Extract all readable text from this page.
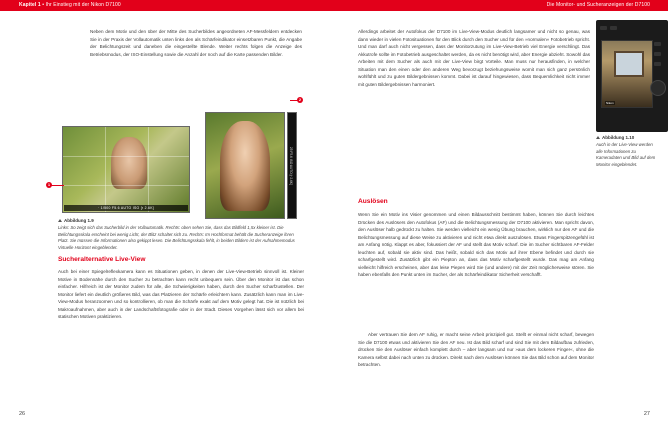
Kapitel 1 • Ihr Einstieg mit der Nikon D7100

Neben dem Motiv und den über der Mitte des Sucherbildes angeordneten AF-Messfeldern entdecken Sie in der Praxis der Vollautomatik unten links den als Schärfeindikator einsetzbaren Punkt, die Angabe der Belichtungszeit und daneben die eingestellte Blende. Weiter rechts folgen die Anzeige des Betriebsmodus, der ISO-Einstellung sowie die Anzahl der noch auf die Karte passenden Bilder.

· 1/500 F5.6 AUTO ISO [r 2.6K]
25 F5.6 ISO AUTO [r 2.6K]
1
2
Abbildung 1.9

Links: So zeigt sich das Sucherbild in der Vollautomatik. Rechts: oben sehen Sie, dass das Bildfeld 1,5x kleiner ist. Die Belichtungsskala erscheint bei wenig Licht, der Blitz schaltet sich zu. Rechts: Im Hochformat behält die Sucheranzeige ihren Platz. Sie müssen die Informationen also gekippt lesen. Die Belichtungsskala fehlt, in beiden Bildern ist der Aufnahmemodus Virtuelle Horizont eingeblendet.

Sucheralternative Live-View

Auch bei einer Spiegelreflexkamera kann es Situationen geben, in denen der Live-View-Betrieb sinnvoll ist. Kleiner Motive in Bodennähe durch den Sucher zu betrachten kann recht unbequem sein. Über den Monitor ist das schon einfacher. Hilfreich ist der Monitor zudem für alle, die Schwierigkeiten haben, durch den Sucher scharfzustellen. Der Monitor liefert ein deutlich größeres Bild, was das Platzieren der Schärfe erleichtern kann. Zusätzlich kann man im Live-View-Modus heranzoomen und so kontrollieren, ob man die Schärfe exakt auf dem Motiv gelegt hat. Die ist nützlich bei Makroaufnahmen, aber auch in der Landschaftsfotografie oder in der Stadt. Dieses Vorgehen lässt sich vor allem bei statischen Motiven praktizieren.

26
Die Monitor- und Sucheranzeigen der D7100

Allerdings arbeitet der Autofokus der D7100 im Live-View-Modus deutlich langsamer und nicht so genau, was dann wieder in vielen Fotosituationen für den Blick durch den Sucher und für den »normalen« Fotobetrieb spricht. Und man darf auch nicht vergessen, dass der Monitorzutung im Live-View-Betrieb viel Energie verschlingt. Das Akkutrofe sollte im Fotobetrieb ausgeschaltet werden, da es nicht benötigt wird, aber Energie abzieht. Sowohl das Arbeiten mit dem Sucher als auch mit der Live-View birgt Vorteile. Man muss nur herausfinden, in welcher Situation man den einen oder den anderen Weg bevorzugt beziehungsweise womit man sich ganz persönlich wohlfühlt und zu guten Bildergebnissen kommt. Dabei ist darauf hingewiesen, dass Bequemlichkeit nicht immer mit guten Bildergebnissen harmoniert.

Nikon
Abbildung 1.10

Auch in der Live-View werden alle Informationen zu Kameradaten und Bild auf dem Monitor eingeblendet.

Auslösen

Wenn Sie ein Motiv ins Visier genommen und einen Bildausschnitt bestimmt haben, können Sie durch leichtes Drücken des Auslösers den Autofokus (AF) und die Belichtungsmessung der D7100 aktivieren. Man spricht davon, den Auslöser halb gedrückt zu halten. Sie werden vielleicht ein wenig Übung brauchen, wirklich nur den AF und die Belichtungsmessung auf diese Weise zu aktivieren und nicht etwa direkt auszulösen. Etwas Fingerspitzengefühl ist am Anfang nötig. Klappt es aber, fokussiert der AF und stellt das Motiv scharf. Die im Sucher sichtbaren AF-Felder leuchten auf, sobald sie aktiv sind. Das heißt, sobald sich das Motiv auf ihrer Ebene befindet und durch sie scharfgestellt wird. Zusätzlich gibt ein Piepton an, dass das Motiv scharfgestellt wurde. Das mag am Anfang vielleicht hilfreich erscheinen, aber das leise Piepen wird Sie (und andere) mit der Zeit möglicherweise stören. Sie haben ebenfalls den Punkt unten im Sucher, der als Schärfeindikator Sicherheit verschafft.

Aber vertrauen Sie dem AF ruhig, er macht seine Arbeit prinzipiell gut. Stellt er einmal nicht scharf, bewegen Sie die D7100 etwas und aktivieren Sie den AF neu. Ist das Bild scharf und sind Sie mit dem Bildaufbau zufrieden, drücken Sie den Auslöser einfach komplett durch – aber langsam und nur »aus dem lockeren Finger«, ohne die Kamera selbst dabei nach unten zu drücken. Direkt nach dem Auslösen können Sie das Bild schon auf dem Monitor betrachten.

27
